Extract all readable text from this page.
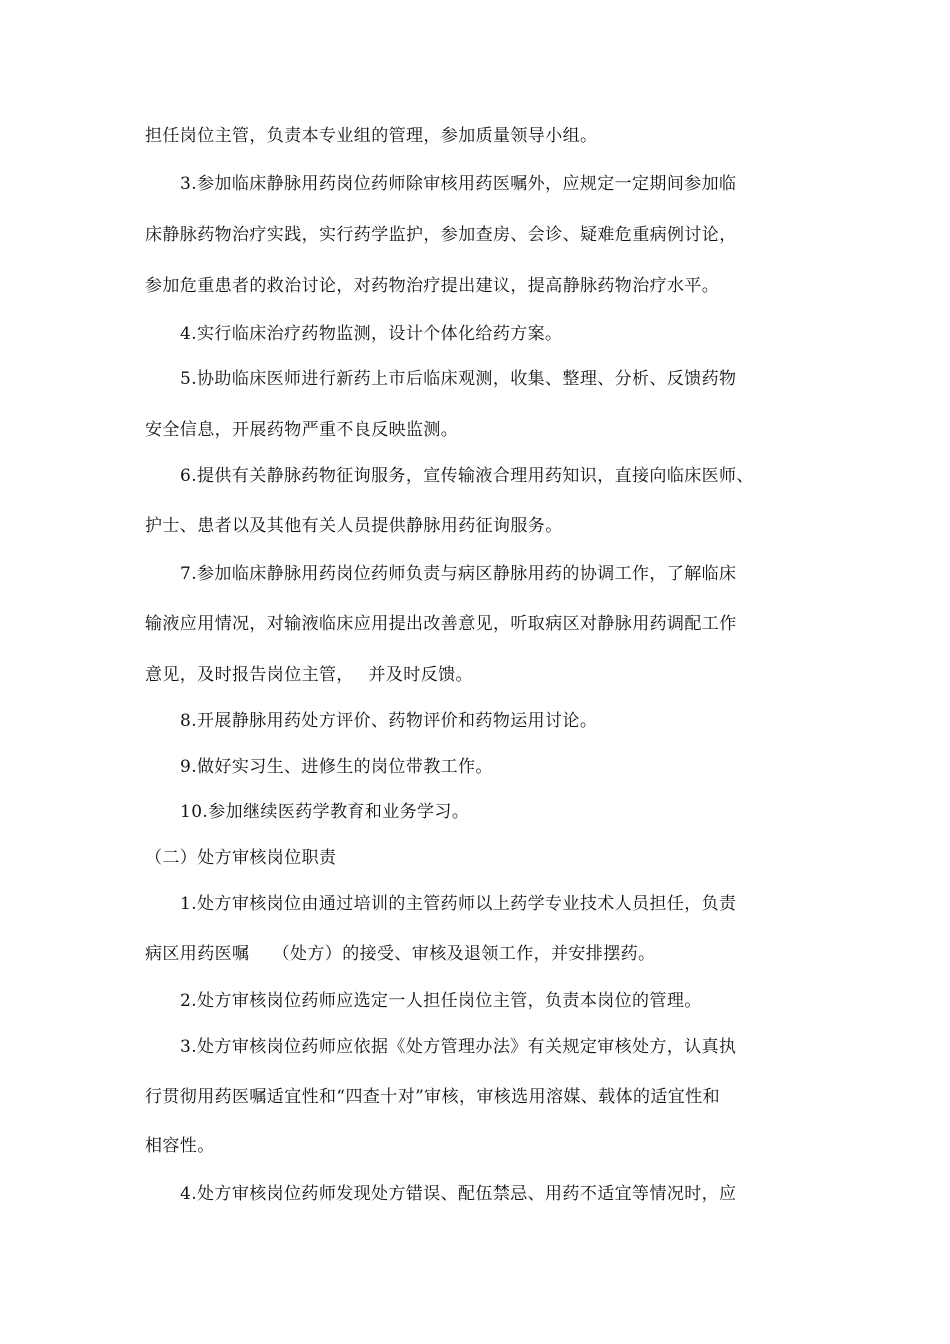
担任岗位主管，负责本专业组的管理，参加质量领导小组。
3.参加临床静脉用药岗位药师除审核用药医嘱外，应规定一定期间参加临
床静脉药物治疗实践，实行药学监护，参加查房、会诊、疑难危重病例讨论，
参加危重患者的救治讨论，对药物治疗提出建议，提高静脉药物治疗水平。
4.实行临床治疗药物监测，设计个体化给药方案。
5.协助临床医师进行新药上市后临床观测，收集、整理、分析、反馈药物
安全信息，开展药物严重不良反映监测。
6.提供有关静脉药物征询服务，宣传输液合理用药知识，直接向临床医师、
护士、患者以及其他有关人员提供静脉用药征询服务。
7.参加临床静脉用药岗位药师负责与病区静脉用药的协调工作，了解临床
输液应用情况，对输液临床应用提出改善意见，听取病区对静脉用药调配工作
意见，及时报告岗位主管，　 并及时反馈。
8.开展静脉用药处方评价、药物评价和药物运用讨论。
9.做好实习生、进修生的岗位带教工作。
10.参加继续医药学教育和业务学习。
（二）处方审核岗位职责
1.处方审核岗位由通过培训的主管药师以上药学专业技术人员担任，负责
病区用药医嘱　 （处方）的接受、审核及退领工作，并安排摆药。
2.处方审核岗位药师应选定一人担任岗位主管，负责本岗位的管理。
3.处方审核岗位药师应依据《处方管理办法》有关规定审核处方，认真执
行贯彻用药医嘱适宜性和“四查十对”审核，审核选用溶媒、载体的适宜性和
相容性。
4.处方审核岗位药师发现处方错误、配伍禁忌、用药不适宜等情况时，应
